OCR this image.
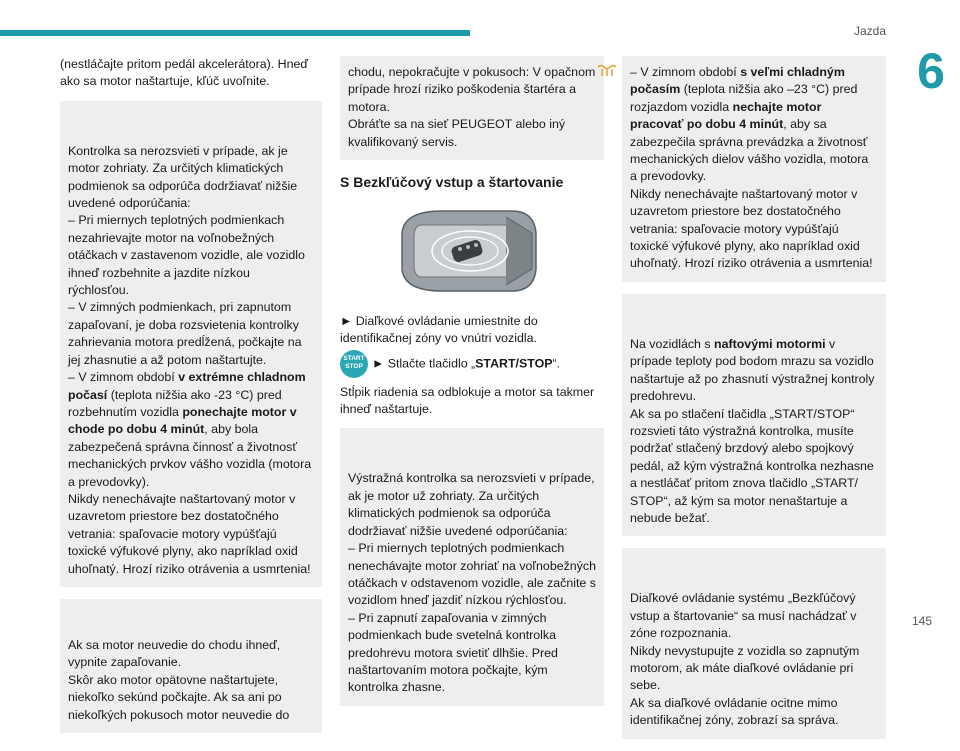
Jazda
6
145

(nestláčajte pritom pedál akcelerátora). Hneď ako sa motor naštartuje, kľúč uvoľnite.

Kontrolka sa nerozsvieti v prípade, ak je motor zohriaty. Za určitých klimatických podmienok sa odporúča dodržiavať nižšie uvedené odporúčania:

– Pri miernych teplotných podmienkach nezahrievajte motor na voľnobežných otáčkach v zastavenom vozidle, ale vozidlo ihneď rozbehnite a jazdite nízkou rýchlosťou.

– V zimných podmienkach, pri zapnutom zapaľovaní, je doba rozsvietenia kontrolky zahrievania motora predĺžená, počkajte na jej zhasnutie a až potom naštartujte.

– V zimnom období v extrémne chladnom počasí (teplota nižšia ako -23 °C) pred rozbehnutím vozidla ponechajte motor v chode po dobu 4 minút, aby bola zabezpečená správna činnosť a životnosť mechanických prvkov vášho vozidla (motora a prevodovky).

Nikdy nenechávajte naštartovaný motor v uzavretom priestore bez dostatočného vetrania: spaľovacie motory vypúšťajú toxické výfukové plyny, ako napríklad oxid uhoľnatý. Hrozí riziko otrávenia a usmrtenia!

Ak sa motor neuvedie do chodu ihneď, vypnite zapaľovanie.

Skôr ako motor opätovne naštartujete, niekoľko sekúnd počkajte. Ak sa ani po niekoľkých pokusoch motor neuvedie do

chodu, nepokračujte v pokusoch: V opačnom prípade hrozí riziko poškodenia štartéra a motora.

Obráťte sa na sieť PEUGEOT alebo iný kvalifikovaný servis.

S Bezkľúčový vstup a štartovanie

► Diaľkové ovládanie umiestnite do identifikačnej zóny vo vnútri vozidla.

START STOP ► Stlačte tlačidlo „START/STOP“.

Stĺpik riadenia sa odblokuje a motor sa takmer ihneď naštartuje.

Výstražná kontrolka sa nerozsvieti v prípade, ak je motor už zohriaty. Za určitých klimatických podmienok sa odporúča dodržiavať nižšie uvedené odporúčania:

– Pri miernych teplotných podmienkach nenechávajte motor zohriať na voľnobežných otáčkach v odstavenom vozidle, ale začnite s vozidlom hneď jazdiť nízkou rýchlosťou.

– Pri zapnutí zapaľovania v zimných podmienkach bude svetelná kontrolka predohrevu motora svietiť dlhšie. Pred naštartovaním motora počkajte, kým kontrolka zhasne.

– V zimnom období s veľmi chladným počasím (teplota nižšia ako –23 °C) pred rozjazdom vozidla nechajte motor pracovať po dobu 4 minút, aby sa zabezpečila správna prevádzka a životnosť mechanických dielov vášho vozidla, motora a prevodovky.

Nikdy nenechávajte naštartovaný motor v uzavretom priestore bez dostatočného vetrania: spaľovacie motory vypúšťajú toxické výfukové plyny, ako napríklad oxid uhoľnatý. Hrozí riziko otrávenia a usmrtenia!

Na vozidlách s naftovými motormi v prípade teploty pod bodom mrazu sa vozidlo naštartuje až po zhasnutí výstražnej kontroly predohrevu.

Ak sa po stlačení tlačidla „START/STOP“ rozsvieti táto výstražná kontrolka, musíte podržať stlačený brzdový alebo spojkový pedál, až kým výstražná kontrolka nezhasne a nestláčať pritom znova tlačidlo „START/ STOP“, až kým sa motor nenaštartuje a nebude bežať.

Diaľkové ovládanie systému „Bezkľúčový vstup a štartovanie“ sa musí nachádzať v zóne rozpoznania.

Nikdy nevystupujte z vozidla so zapnutým motorom, ak máte diaľkové ovládanie pri sebe.

Ak sa diaľkové ovládanie ocitne mimo identifikačnej zóny, zobrazí sa správa.
